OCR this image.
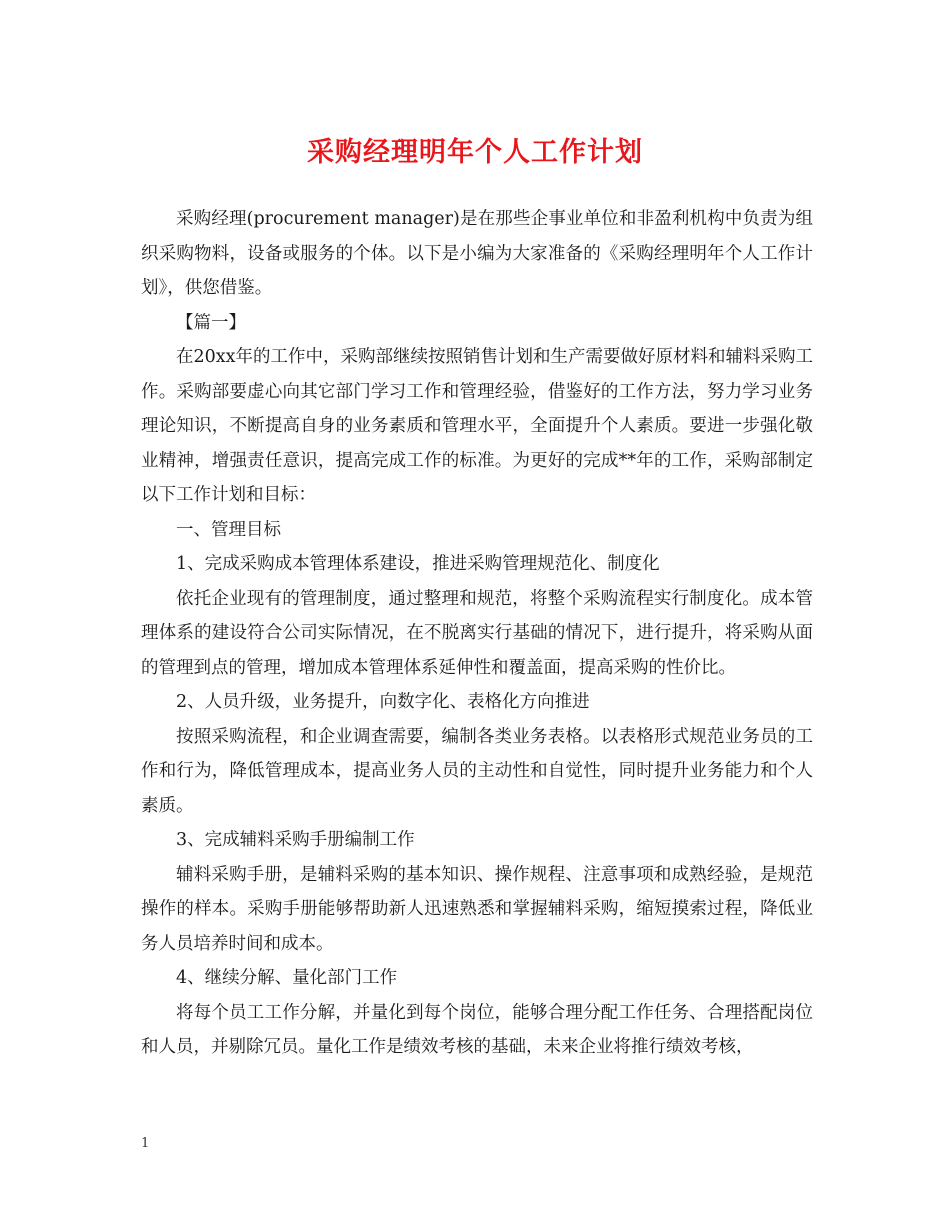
采购经理明年个人工作计划

采购经理(procurement manager)是在那些企事业单位和非盈利机构中负责为组织采购物料，设备或服务的个体。以下是小编为大家准备的《采购经理明年个人工作计划》，供您借鉴。

【篇一】

在20xx年的工作中，采购部继续按照销售计划和生产需要做好原材料和辅料采购工作。采购部要虚心向其它部门学习工作和管理经验，借鉴好的工作方法，努力学习业务理论知识，不断提高自身的业务素质和管理水平，全面提升个人素质。要进一步强化敬业精神，增强责任意识，提高完成工作的标准。为更好的完成**年的工作，采购部制定以下工作计划和目标：

一、管理目标

1、完成采购成本管理体系建设，推进采购管理规范化、制度化

依托企业现有的管理制度，通过整理和规范，将整个采购流程实行制度化。成本管理体系的建设符合公司实际情况，在不脱离实行基础的情况下，进行提升，将采购从面的管理到点的管理，增加成本管理体系延伸性和覆盖面，提高采购的性价比。

2、人员升级，业务提升，向数字化、表格化方向推进

按照采购流程，和企业调查需要，编制各类业务表格。以表格形式规范业务员的工作和行为，降低管理成本，提高业务人员的主动性和自觉性，同时提升业务能力和个人素质。

3、完成辅料采购手册编制工作

辅料采购手册，是辅料采购的基本知识、操作规程、注意事项和成熟经验，是规范操作的样本。采购手册能够帮助新人迅速熟悉和掌握辅料采购，缩短摸索过程，降低业务人员培养时间和成本。

4、继续分解、量化部门工作

将每个员工工作分解，并量化到每个岗位，能够合理分配工作任务、合理搭配岗位和人员，并剔除冗员。量化工作是绩效考核的基础，未来企业将推行绩效考核，

1
